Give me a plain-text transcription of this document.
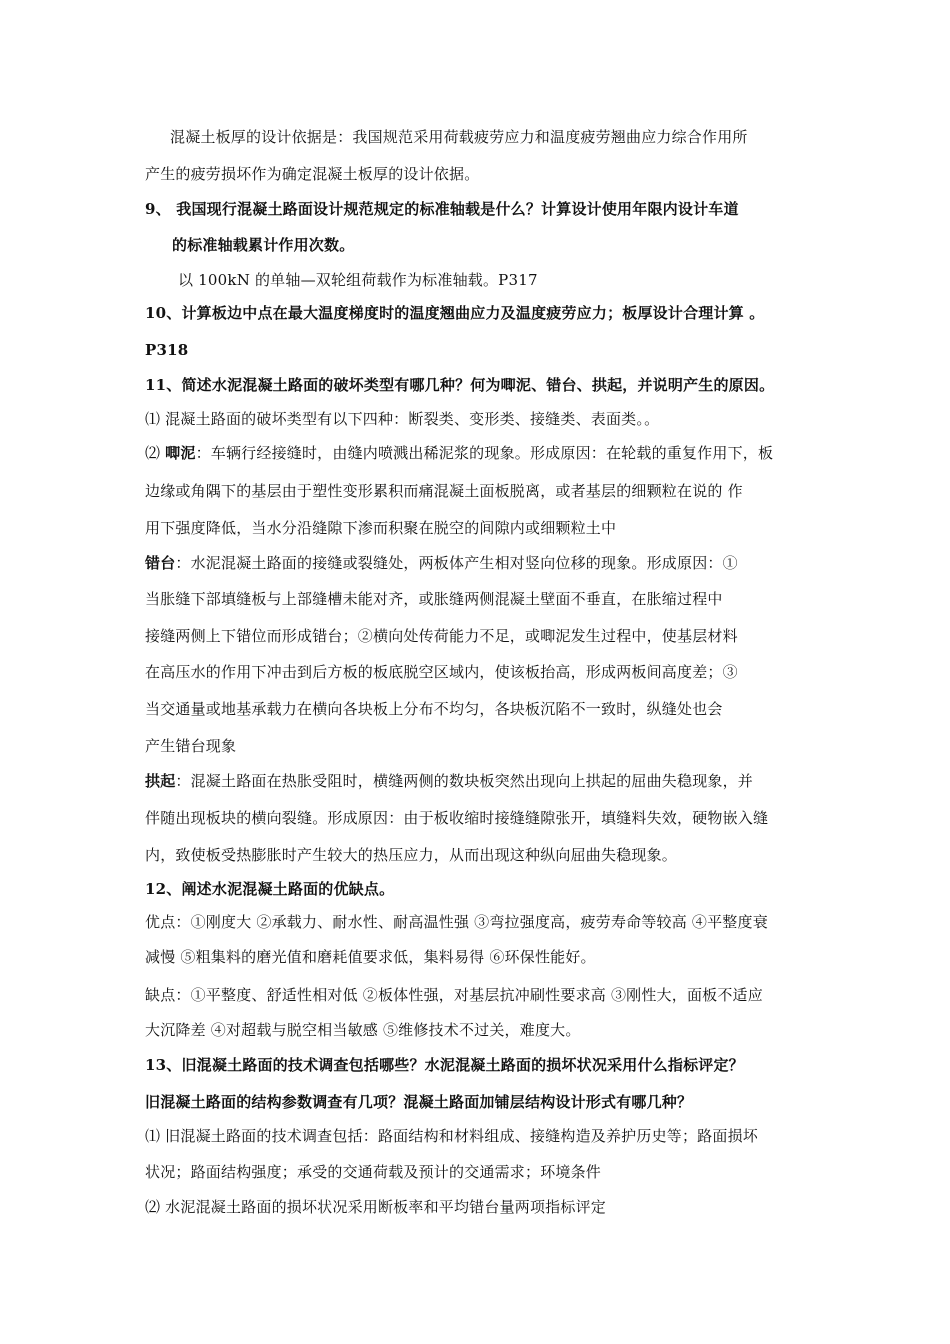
混凝土板厚的设计依据是：我国规范采用荷载疲劳应力和温度疲劳翘曲应力综合作用所
产生的疲劳损坏作为确定混凝土板厚的设计依据。
9、 我国现行混凝土路面设计规范规定的标准轴载是什么？计算设计使用年限内设计车道
的标准轴载累计作用次数。
以 100kN 的单轴—双轮组荷载作为标准轴载。P317
10、计算板边中点在最大温度梯度时的温度翘曲应力及温度疲劳应力；板厚设计合理计算 。
P318
11、简述水泥混凝土路面的破坏类型有哪几种？何为唧泥、错台、拱起，并说明产生的原因。
⑴ 混凝土路面的破坏类型有以下四种：断裂类、变形类、接缝类、表面类。。
⑵ 唧泥：车辆行经接缝时，由缝内喷溅出稀泥浆的现象。形成原因：在轮载的重复作用下，板
边缘或角隅下的基层由于塑性变形累积而痛混凝土面板脱离，或者基层的细颗粒在说的 作
用下强度降低，当水分沿缝隙下渗而积聚在脱空的间隙内或细颗粒土中
错台：水泥混凝土路面的接缝或裂缝处，两板体产生相对竖向位移的现象。形成原因：①
当胀缝下部填缝板与上部缝槽未能对齐，或胀缝两侧混凝土壁面不垂直，在胀缩过程中
接缝两侧上下错位而形成错台；②横向处传荷能力不足，或唧泥发生过程中，使基层材料
在高压水的作用下冲击到后方板的板底脱空区域内，使该板抬高，形成两板间高度差；③
当交通量或地基承载力在横向各块板上分布不均匀，各块板沉陷不一致时，纵缝处也会
产生错台现象
拱起：混凝土路面在热胀受阻时，横缝两侧的数块板突然出现向上拱起的屈曲失稳现象，并
伴随出现板块的横向裂缝。形成原因：由于板收缩时接缝缝隙张开，填缝料失效，硬物嵌入缝
内，致使板受热膨胀时产生较大的热压应力，从而出现这种纵向屈曲失稳现象。
12、阐述水泥混凝土路面的优缺点。
优点：①刚度大 ②承载力、耐水性、耐高温性强 ③弯拉强度高，疲劳寿命等较高 ④平整度衰
减慢 ⑤粗集料的磨光值和磨耗值要求低，集料易得 ⑥环保性能好。
缺点：①平整度、舒适性相对低 ②板体性强，对基层抗冲刷性要求高 ③刚性大，面板不适应
大沉降差 ④对超载与脱空相当敏感 ⑤维修技术不过关，难度大。
13、旧混凝土路面的技术调查包括哪些？水泥混凝土路面的损坏状况采用什么指标评定？
旧混凝土路面的结构参数调查有几项？混凝土路面加铺层结构设计形式有哪几种？
⑴ 旧混凝土路面的技术调查包括：路面结构和材料组成、接缝构造及养护历史等；路面损坏
状况；路面结构强度；承受的交通荷载及预计的交通需求；环境条件
⑵ 水泥混凝土路面的损坏状况采用断板率和平均错台量两项指标评定
